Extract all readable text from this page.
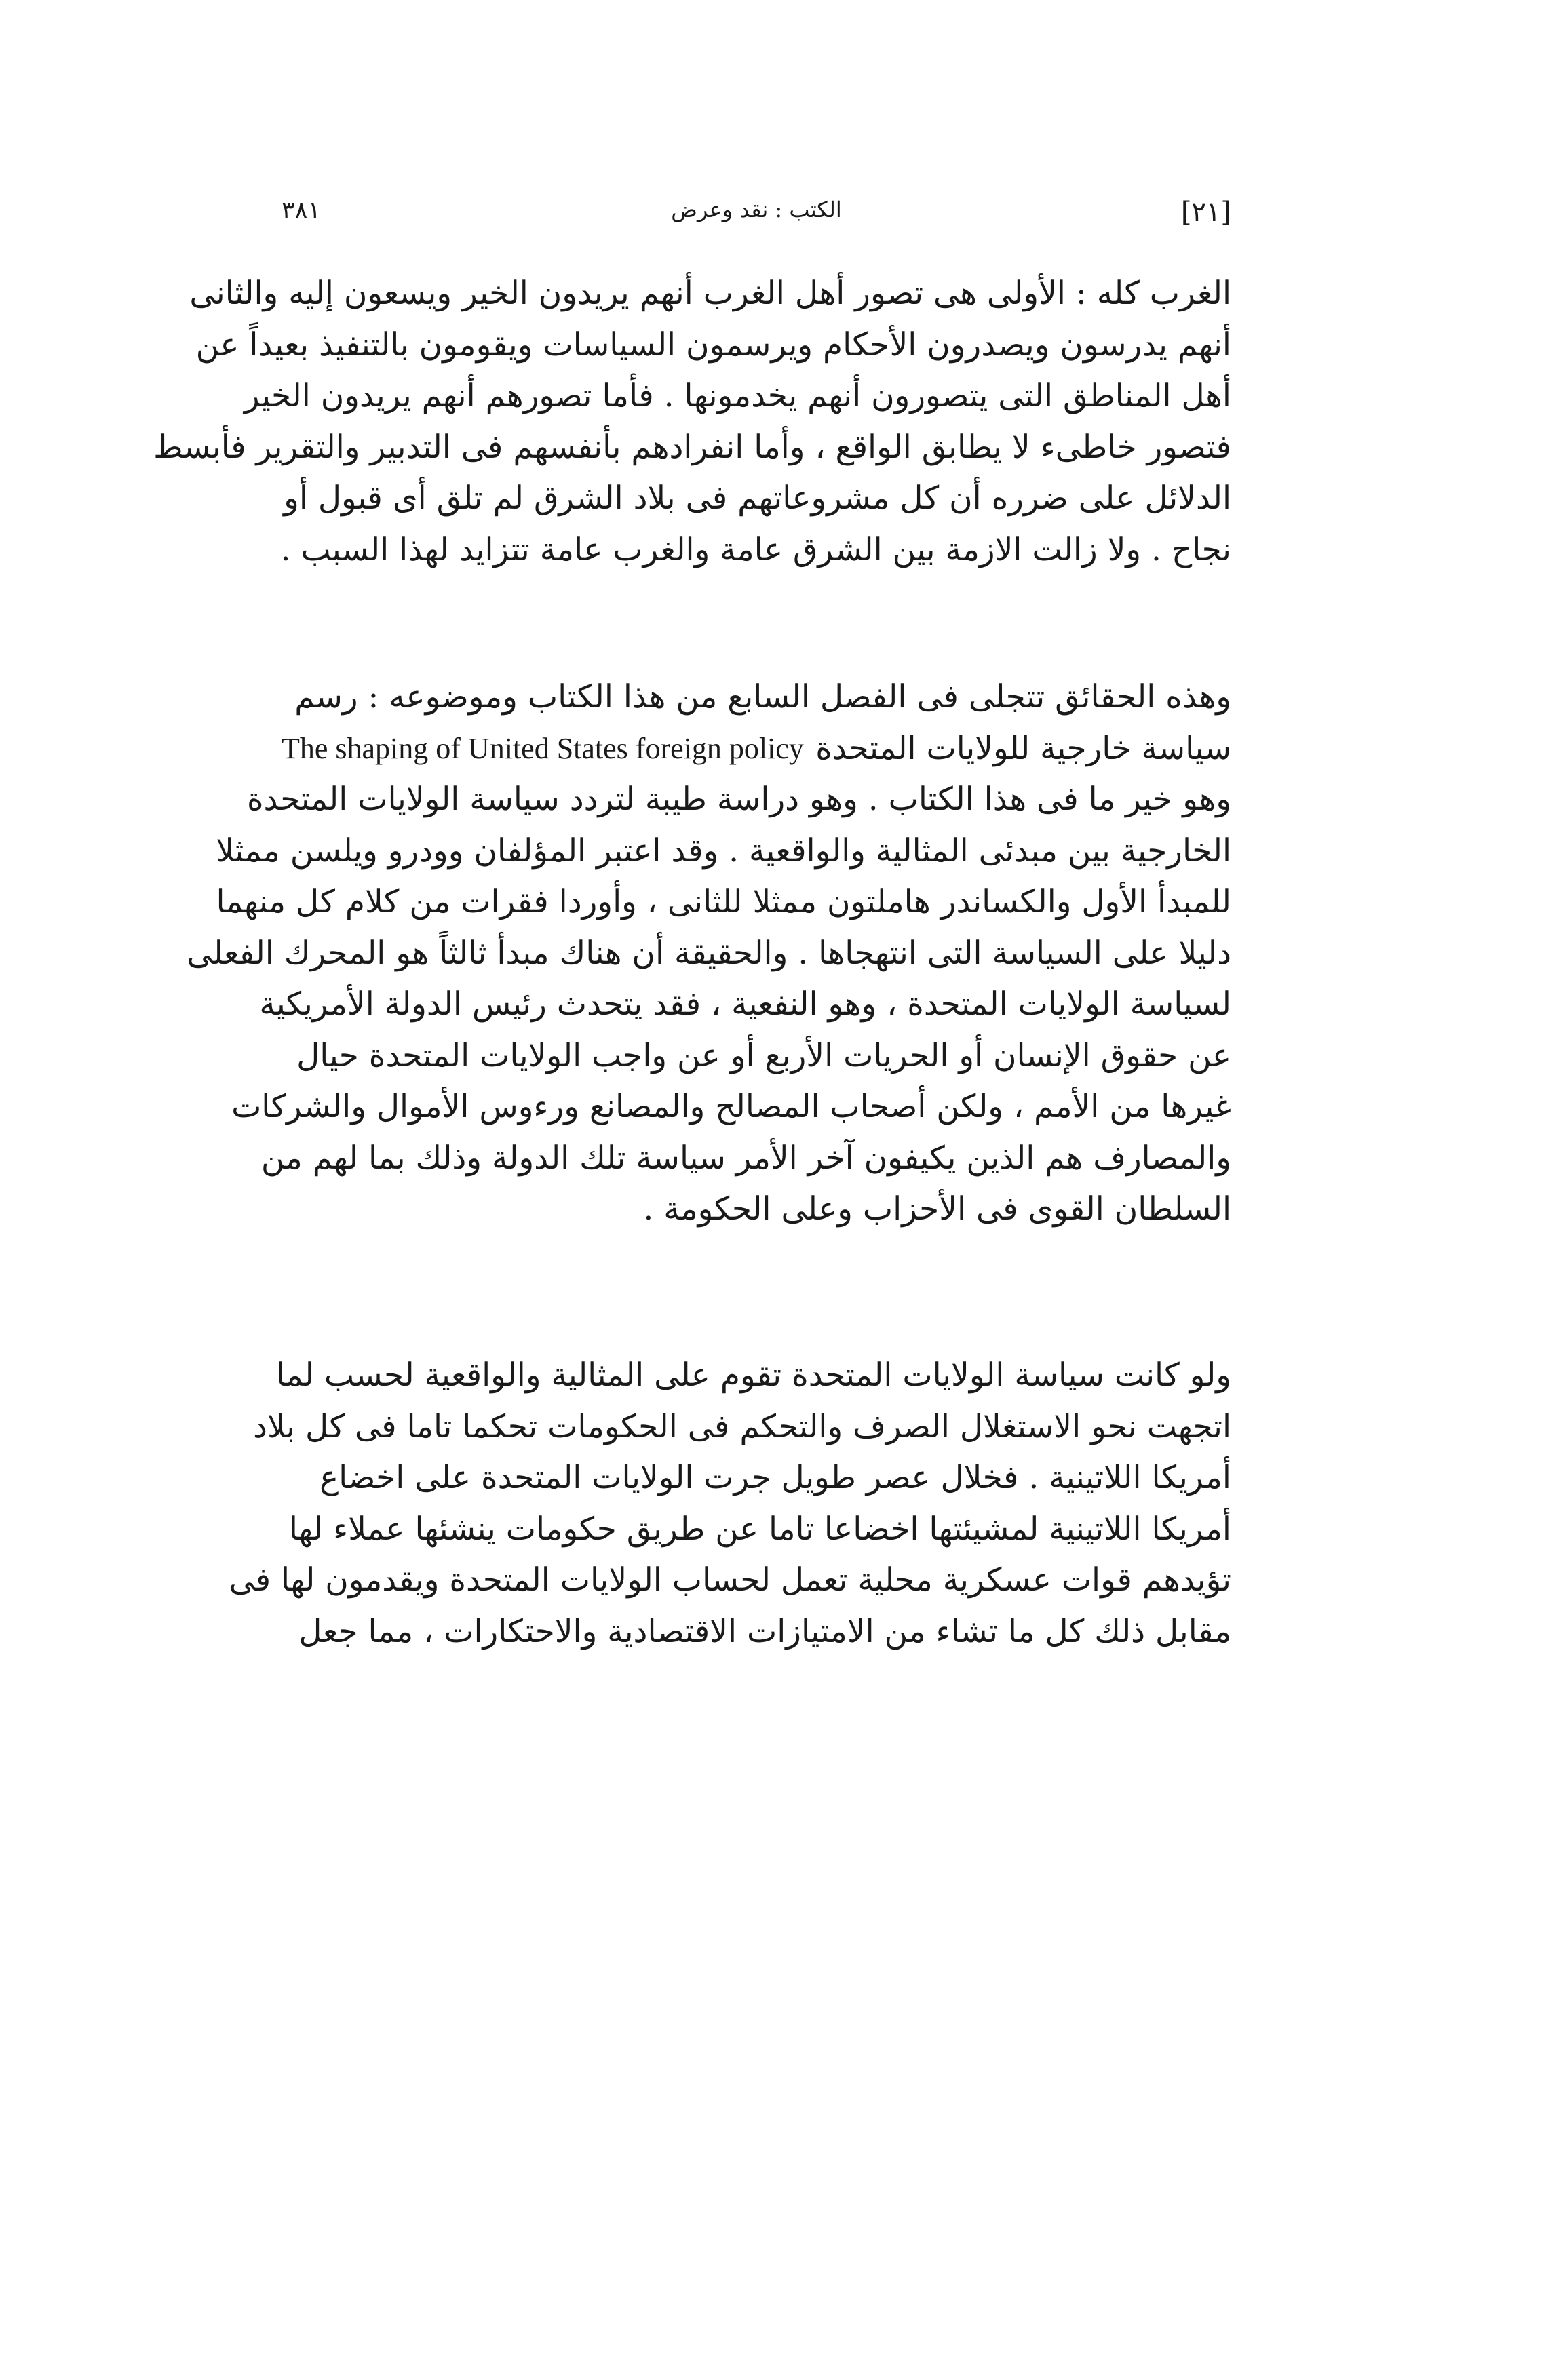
٣٨١	الكتب : نقد وعرض	[٢١]
الغرب كله : الأولى هى تصور أهل الغرب أنهم يريدون الخير ويسعون إليه والثانى
أنهم يدرسون ويصدرون الأحكام ويرسمون السياسات ويقومون بالتنفيذ بعيداً عن
أهل المناطق التى يتصورون أنهم يخدمونها . فأما تصورهم أنهم يريدون الخير
فتصور خاطىء لا يطابق الواقع ، وأما انفرادهم بأنفسهم فى التدبير والتقرير فأبسط
الدلائل على ضرره أن كل مشروعاتهم فى بلاد الشرق لم تلق أى قبول أو
نجاح . ولا زالت الازمة بين الشرق عامة والغرب عامة تتزايد لهذا السبب .
وهذه الحقائق تتجلى فى الفصل السابع من هذا الكتاب وموضوعه : رسم
سياسة خارجية للولايات المتحدة
The shaping of United States foreign policy
وهو خير ما فى هذا الكتاب . وهو دراسة طيبة لتردد سياسة الولايات المتحدة
الخارجية بين مبدئى المثالية والواقعية . وقد اعتبر المؤلفان وودرو ويلسن ممثلا
للمبدأ الأول والكساندر هاملتون ممثلا للثانى ، وأوردا فقرات من كلام كل منهما
دليلا على السياسة التى انتهجاها . والحقيقة أن هناك مبدأ ثالثاً هو المحرك الفعلى
لسياسة الولايات المتحدة ، وهو النفعية ، فقد يتحدث رئيس الدولة الأمريكية
عن حقوق الإنسان أو الحريات الأربع أو عن واجب الولايات المتحدة حيال
غيرها من الأمم ، ولكن أصحاب المصالح والمصانع ورءوس الأموال والشركات
والمصارف هم الذين يكيفون آخر الأمر سياسة تلك الدولة وذلك بما لهم من
السلطان القوى فى الأحزاب وعلى الحكومة .
ولو كانت سياسة الولايات المتحدة تقوم على المثالية والواقعية لحسب لما
اتجهت نحو الاستغلال الصرف والتحكم فى الحكومات تحكما تاما فى كل بلاد
أمريكا اللاتينية . فخلال عصر طويل جرت الولايات المتحدة على اخضاع
أمريكا اللاتينية لمشيئتها اخضاعا تاما عن طريق حكومات ينشئها عملاء لها
تؤيدهم قوات عسكرية محلية تعمل لحساب الولايات المتحدة ويقدمون لها فى
مقابل ذلك كل ما تشاء من الامتيازات الاقتصادية والاحتكارات ، مما جعل
